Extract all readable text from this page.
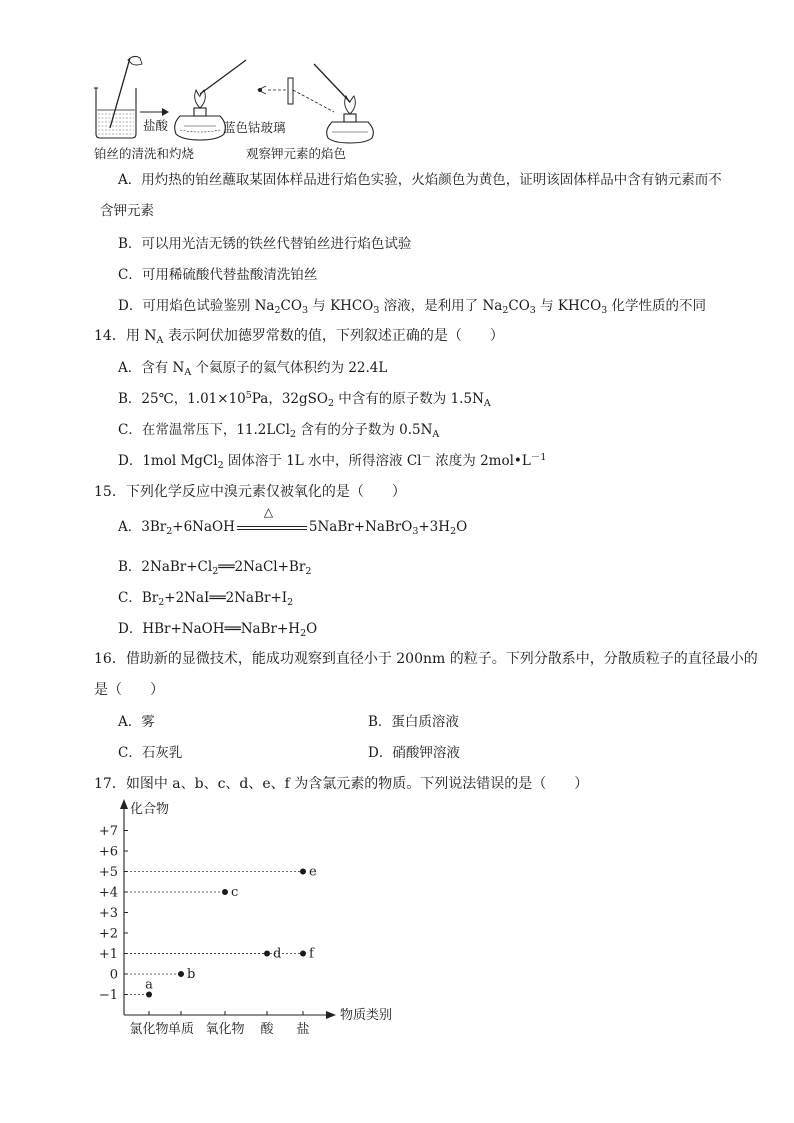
盐酸	蓝色钴玻璃
铂丝的清洗和灼烧	观察钾元素的焰色
A．用灼热的铂丝蘸取某固体样品进行焰色实验，火焰颜色为黄色，证明该固体样品中含有钠元素而不
含钾元素
B．可以用光洁无锈的铁丝代替铂丝进行焰色试验
C．可用稀硫酸代替盐酸清洗铂丝
D．可用焰色试验鉴别 $Na_2CO_3$ 与 $KHCO_3$ 溶液，是利用了 $Na_2CO_3$ 与 $KHCO_3$ 化学性质的不同
14．用 $N_A$ 表示阿伏加德罗常数的值，下列叙述正确的是（　　）
A．含有 $N_A$ 个氦原子的氦气体积约为 22.4L
B．25℃，$1.01\times 10^5Pa$，32gSO$_2$ 中含有的原子数为 $1.5N_A$
C．在常温常压下，11.2LCl$_2$ 含有的分子数为 $0.5N_A$
D．1mol MgCl$_2$ 固体溶于 1L 水中，所得溶液 Cl－ 浓度为 $2mol•L^{-1}$
15．下列化学反应中溴元素仅被氧化的是（　　）
A．$3Br_2+6NaOH$
△
$5NaBr+NaBrO_3+3H_2O$
B．$2NaBr+Cl_2══2NaCl+Br_2$
C．$Br_2+2NaI══2NaBr+I_2$
D．$HBr+NaOH══NaBr+H_2O$
16．借助新的显微技术，能成功观察到直径小于 200nm 的粒子。下列分散系中，分散质粒子的直径最小的
是（　　）
A．雾	B．蛋白质溶液
C．石灰乳	D．硝酸钾溶液
17．如图中 a、b、c、d、e、f 为含氯元素的物质。下列说法错误的是（　　）
化合物
物质类别
+7
+6
+5
+4
+3
+2
+1
0
−1
氯化物 单质 氧化物 酸 盐
a
b
c
d
e
f
